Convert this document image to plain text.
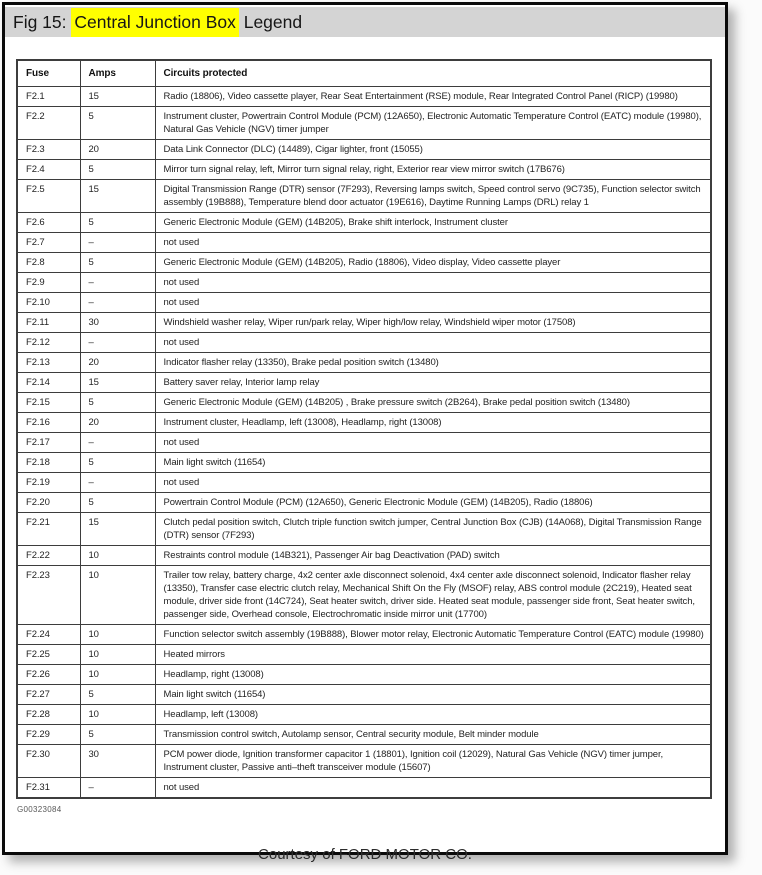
Fig 15: Central Junction Box Legend
Fuse	Amps	Circuits protected
F2.1	15	Radio (18806), Video cassette player, Rear Seat Entertainment (RSE) module, Rear Integrated Control Panel (RICP) (19980)
F2.2	5	Instrument cluster, Powertrain Control Module (PCM) (12A650), Electronic Automatic Temperature Control (EATC) module (19980), Natural Gas Vehicle (NGV) timer jumper
F2.3	20	Data Link Connector (DLC) (14489), Cigar lighter, front (15055)
F2.4	5	Mirror turn signal relay, left, Mirror turn signal relay, right, Exterior rear view mirror switch (17B676)
F2.5	15	Digital Transmission Range (DTR) sensor (7F293), Reversing lamps switch, Speed control servo (9C735), Function selector switch assembly (19B888), Temperature blend door actuator (19E616), Daytime Running Lamps (DRL) relay 1
F2.6	5	Generic Electronic Module (GEM) (14B205), Brake shift interlock, Instrument cluster
F2.7	–	not used
F2.8	5	Generic Electronic Module (GEM) (14B205), Radio (18806), Video display, Video cassette player
F2.9	–	not used
F2.10	–	not used
F2.11	30	Windshield washer relay, Wiper run/park relay, Wiper high/low relay, Windshield wiper motor (17508)
F2.12	–	not used
F2.13	20	Indicator flasher relay (13350), Brake pedal position switch (13480)
F2.14	15	Battery saver relay, Interior lamp relay
F2.15	5	Generic Electronic Module (GEM) (14B205) , Brake pressure switch (2B264), Brake pedal position switch (13480)
F2.16	20	Instrument cluster, Headlamp, left (13008), Headlamp, right (13008)
F2.17	–	not used
F2.18	5	Main light switch (11654)
F2.19	–	not used
F2.20	5	Powertrain Control Module (PCM) (12A650), Generic Electronic Module (GEM) (14B205), Radio (18806)
F2.21	15	Clutch pedal position switch, Clutch triple function switch jumper, Central Junction Box (CJB) (14A068), Digital Transmission Range (DTR) sensor (7F293)
F2.22	10	Restraints control module (14B321), Passenger Air bag Deactivation (PAD) switch
F2.23	10	Trailer tow relay, battery charge, 4x2 center axle disconnect solenoid, 4x4 center axle disconnect solenoid, Indicator flasher relay (13350), Transfer case electric clutch relay, Mechanical Shift On the Fly (MSOF) relay, ABS control module (2C219), Heated seat module, driver side front (14C724), Seat heater switch, driver side. Heated seat module, passenger side front, Seat heater switch, passenger side, Overhead console, Electrochromatic inside mirror unit (17700)
F2.24	10	Function selector switch assembly (19B888), Blower motor relay, Electronic Automatic Temperature Control (EATC) module (19980)
F2.25	10	Heated mirrors
F2.26	10	Headlamp, right (13008)
F2.27	5	Main light switch (11654)
F2.28	10	Headlamp, left (13008)
F2.29	5	Transmission control switch, Autolamp sensor, Central security module, Belt minder module
F2.30	30	PCM power diode, Ignition transformer capacitor 1 (18801), Ignition coil (12029), Natural Gas Vehicle (NGV) timer jumper, Instrument cluster, Passive anti–theft transceiver module (15607)
F2.31	–	not used
G00323084
Courtesy of FORD MOTOR CO.
